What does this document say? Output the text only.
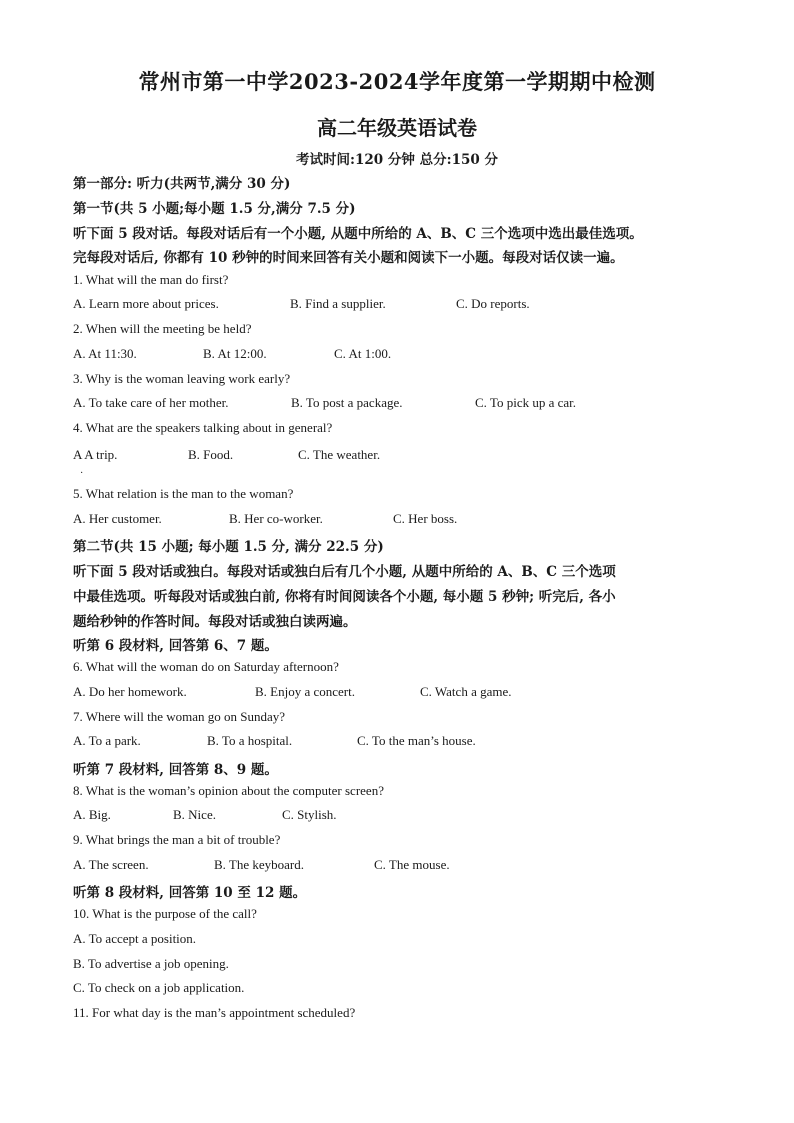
常州市第一中学2023-2024学年度第一学期期中检测
高二年级英语试卷
考试时间:120 分钟 总分:150 分
第一部分: 听力(共两节,满分 30 分)
第一节(共 5 小题;每小题 1.5 分,满分 7.5 分)
听下面 5 段对话。每段对话后有一个小题, 从题中所给的 A、B、C 三个选项中选出最佳选项。
完每段对话后, 你都有 10 秒钟的时间来回答有关小题和阅读下一小题。每段对话仅读一遍。
1. What will the man do first?
A. Learn more about prices.	B. Find a supplier.	C. Do reports.
2. When will the meeting be held?
A. At 11:30.	B. At 12:00.	C. At 1:00.
3. Why is the woman leaving work early?
A. To take care of her mother.	B. To post a package.	C. To pick up a car.
4. What are the speakers talking about in general?
A A trip.	B. Food.	C. The weather.
·
5. What relation is the man to the woman?
A. Her customer.	B. Her co-worker.	C. Her boss.
第二节(共 15 小题; 每小题 1.5 分, 满分 22.5 分)
听下面 5 段对话或独白。每段对话或独白后有几个小题, 从题中所给的 A、B、C 三个选项
中最佳选项。听每段对话或独白前, 你将有时间阅读各个小题, 每小题 5 秒钟; 听完后, 各小
题给秒钟的作答时间。每段对话或独白读两遍。
听第 6 段材料, 回答第 6、7 题。
6. What will the woman do on Saturday afternoon?
A. Do her homework.	B. Enjoy a concert.	C. Watch a game.
7. Where will the woman go on Sunday?
A. To a park.	B. To a hospital.	C. To the man’s house.
听第 7 段材料, 回答第 8、9 题。
8. What is the woman’s opinion about the computer screen?
A. Big.	B. Nice.	C. Stylish.
9. What brings the man a bit of trouble?
A. The screen.	B. The keyboard.	C. The mouse.
听第 8 段材料, 回答第 10 至 12 题。
10. What is the purpose of the call?
A. To accept a position.
B. To advertise a job opening.
C. To check on a job application.
11. For what day is the man’s appointment scheduled?
